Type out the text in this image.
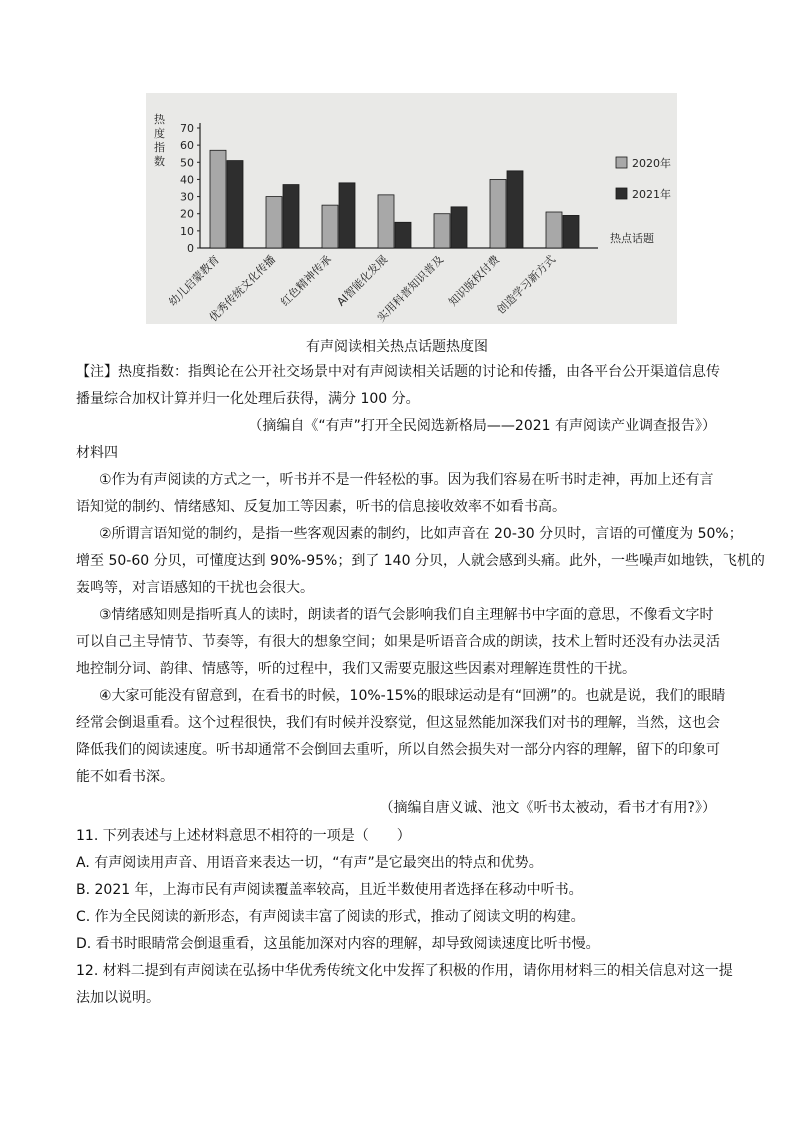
0
10
20
30
40
50
60
70
热
度
指
数
幼儿启蒙教育
优秀传统文化传播 红色精神传承 AI智能化发展
实用科普知识普及 知识版权付费
创造学习新方式
2020年
2021年
热点话题
有声阅读相关热点话题热度图
【注】热度指数：指舆论在公开社交场景中对有声阅读相关话题的讨论和传播，由各平台公开渠道信息传
播量综合加权计算并归一化处理后获得，满分 100 分。
（摘编自《“有声”打开全民阅选新格局——2021 有声阅读产业调查报告》）
材料四
①作为有声阅读的方式之一，听书并不是一件轻松的事。因为我们容易在听书时走神，再加上还有言
语知觉的制约、情绪感知、反复加工等因素，听书的信息接收效率不如看书高。
②所谓言语知觉的制约，是指一些客观因素的制约，比如声音在 20-30 分贝时，言语的可懂度为 50%；
增至 50-60 分贝，可懂度达到 90%-95%；到了 140 分贝，人就会感到头痛。此外，一些噪声如地铁，飞机的
轰鸣等，对言语感知的干扰也会很大。
③情绪感知则是指听真人的读时，朗读者的语气会影响我们自主理解书中字面的意思，不像看文字时
可以自己主导情节、节奏等，有很大的想象空间；如果是听语音合成的朗读，技术上暂时还没有办法灵活
地控制分词、韵律、情感等，听的过程中，我们又需要克服这些因素对理解连贯性的干扰。
④大家可能没有留意到，在看书的时候，10%-15%的眼球运动是有“回溯”的。也就是说，我们的眼睛
经常会倒退重看。这个过程很快，我们有时候并没察觉，但这显然能加深我们对书的理解，当然，这也会
降低我们的阅读速度。听书却通常不会倒回去重听，所以自然会损失对一部分内容的理解，留下的印象可
能不如看书深。
（摘编自唐义诚、池文《听书太被动，看书才有用?》）
11. 下列表述与上述材料意思不相符的一项是（　　）
A. 有声阅读用声音、用语音来表达一切，“有声”是它最突出的特点和优势。
B. 2021 年，上海市民有声阅读覆盖率较高，且近半数使用者选择在移动中听书。
C. 作为全民阅读的新形态，有声阅读丰富了阅读的形式，推动了阅读文明的构建。
D. 看书时眼睛常会倒退重看，这虽能加深对内容的理解，却导致阅读速度比听书慢。
12. 材料二提到有声阅读在弘扬中华优秀传统文化中发挥了积极的作用，请你用材料三的相关信息对这一提
法加以说明。
